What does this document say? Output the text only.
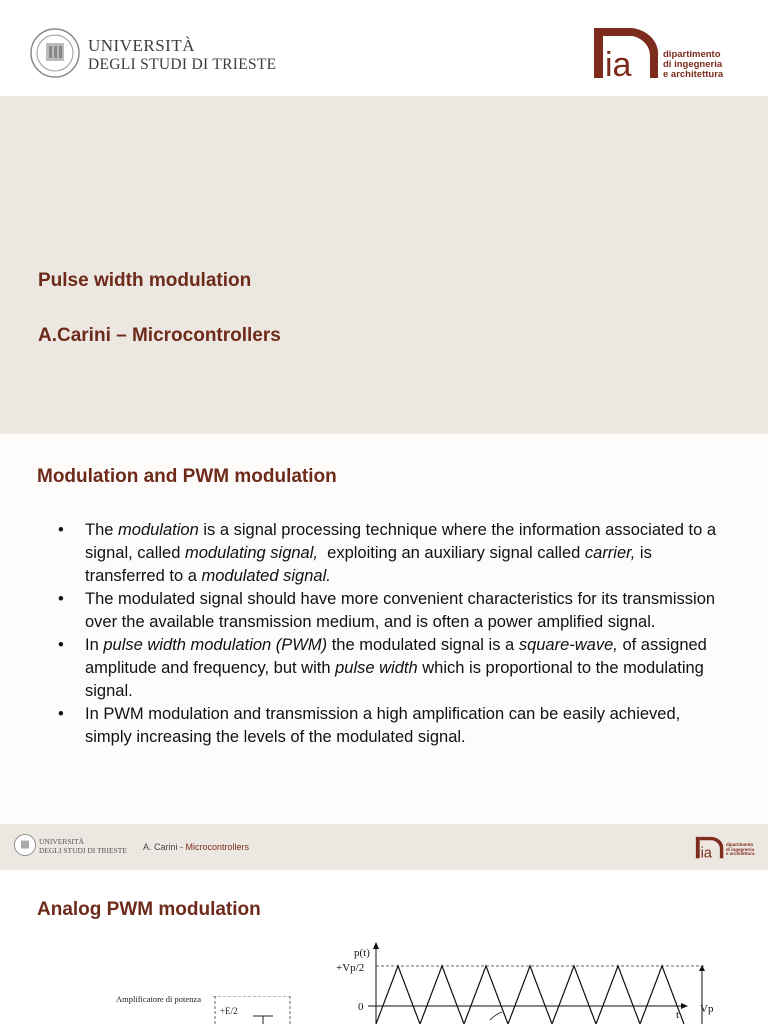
UNIVERSITÀ
DEGLI STUDI DI TRIESTE	ia	dipartimento
di ingegneria
e architettura
Pulse width modulation
A.Carini – Microcontrollers
Modulation and PWM modulation
• The modulation is a signal processing technique where the information associated to a signal, called modulating signal,  exploiting an auxiliary signal called carrier, is transferred to a modulated signal.
• The modulated signal should have more convenient characteristics for its transmission over the available transmission medium, and is often a power amplified signal.
• In pulse width modulation (PWM) the modulated signal is a square-wave, of assigned amplitude and frequency, but with pulse width which is proportional to the modulating signal.
• In PWM modulation and transmission a high amplification can be easily achieved, simply increasing the levels of the modulated signal.
UNIVERSITÀ
DEGLI STUDI DI TRIESTE A. Carini - Microcontrollers	ia
dipartimento
di ingegneria
e architettura
Analog PWM modulation
Amplificatore di potenza
+E/2
p(t)
+Vp/2
0
t Vp
